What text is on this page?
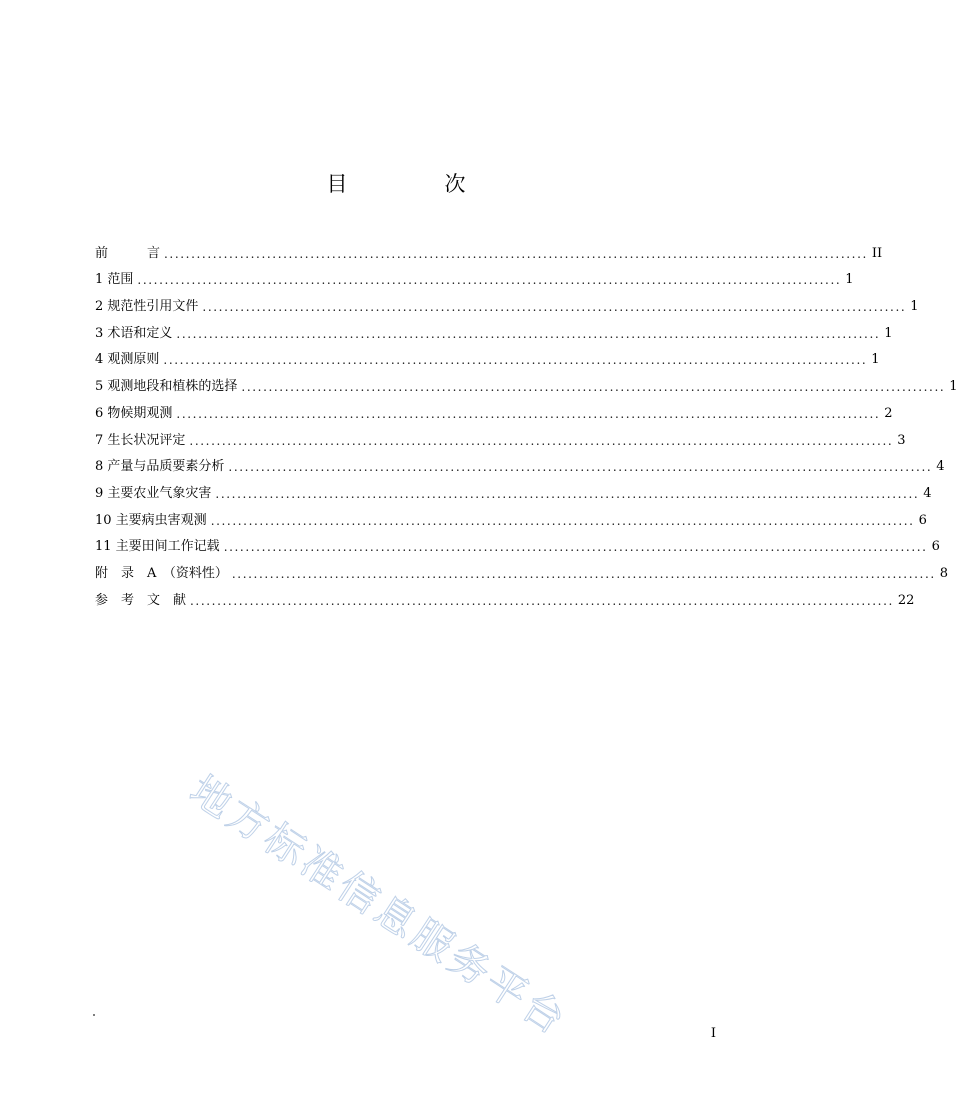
目　次
前　　　言 .................................................................................................................................. II
1 范围 .................................................................................................................................. 1
2 规范性引用文件 .................................................................................................................................. 1
3 术语和定义 .................................................................................................................................. 1
4 观测原则 .................................................................................................................................. 1
5 观测地段和植株的选择 .................................................................................................................................. 1
6 物候期观测 .................................................................................................................................. 2
7 生长状况评定 .................................................................................................................................. 3
8 产量与品质要素分析 .................................................................................................................................. 4
9 主要农业气象灾害 .................................................................................................................................. 4
10 主要病虫害观测 .................................................................................................................................. 6
11 主要田间工作记载 .................................................................................................................................. 6
附　录　A　（资料性） .................................................................................................................................. 8
参　考　文　献 .................................................................................................................................. 22
地方标准信息服务平台	I
